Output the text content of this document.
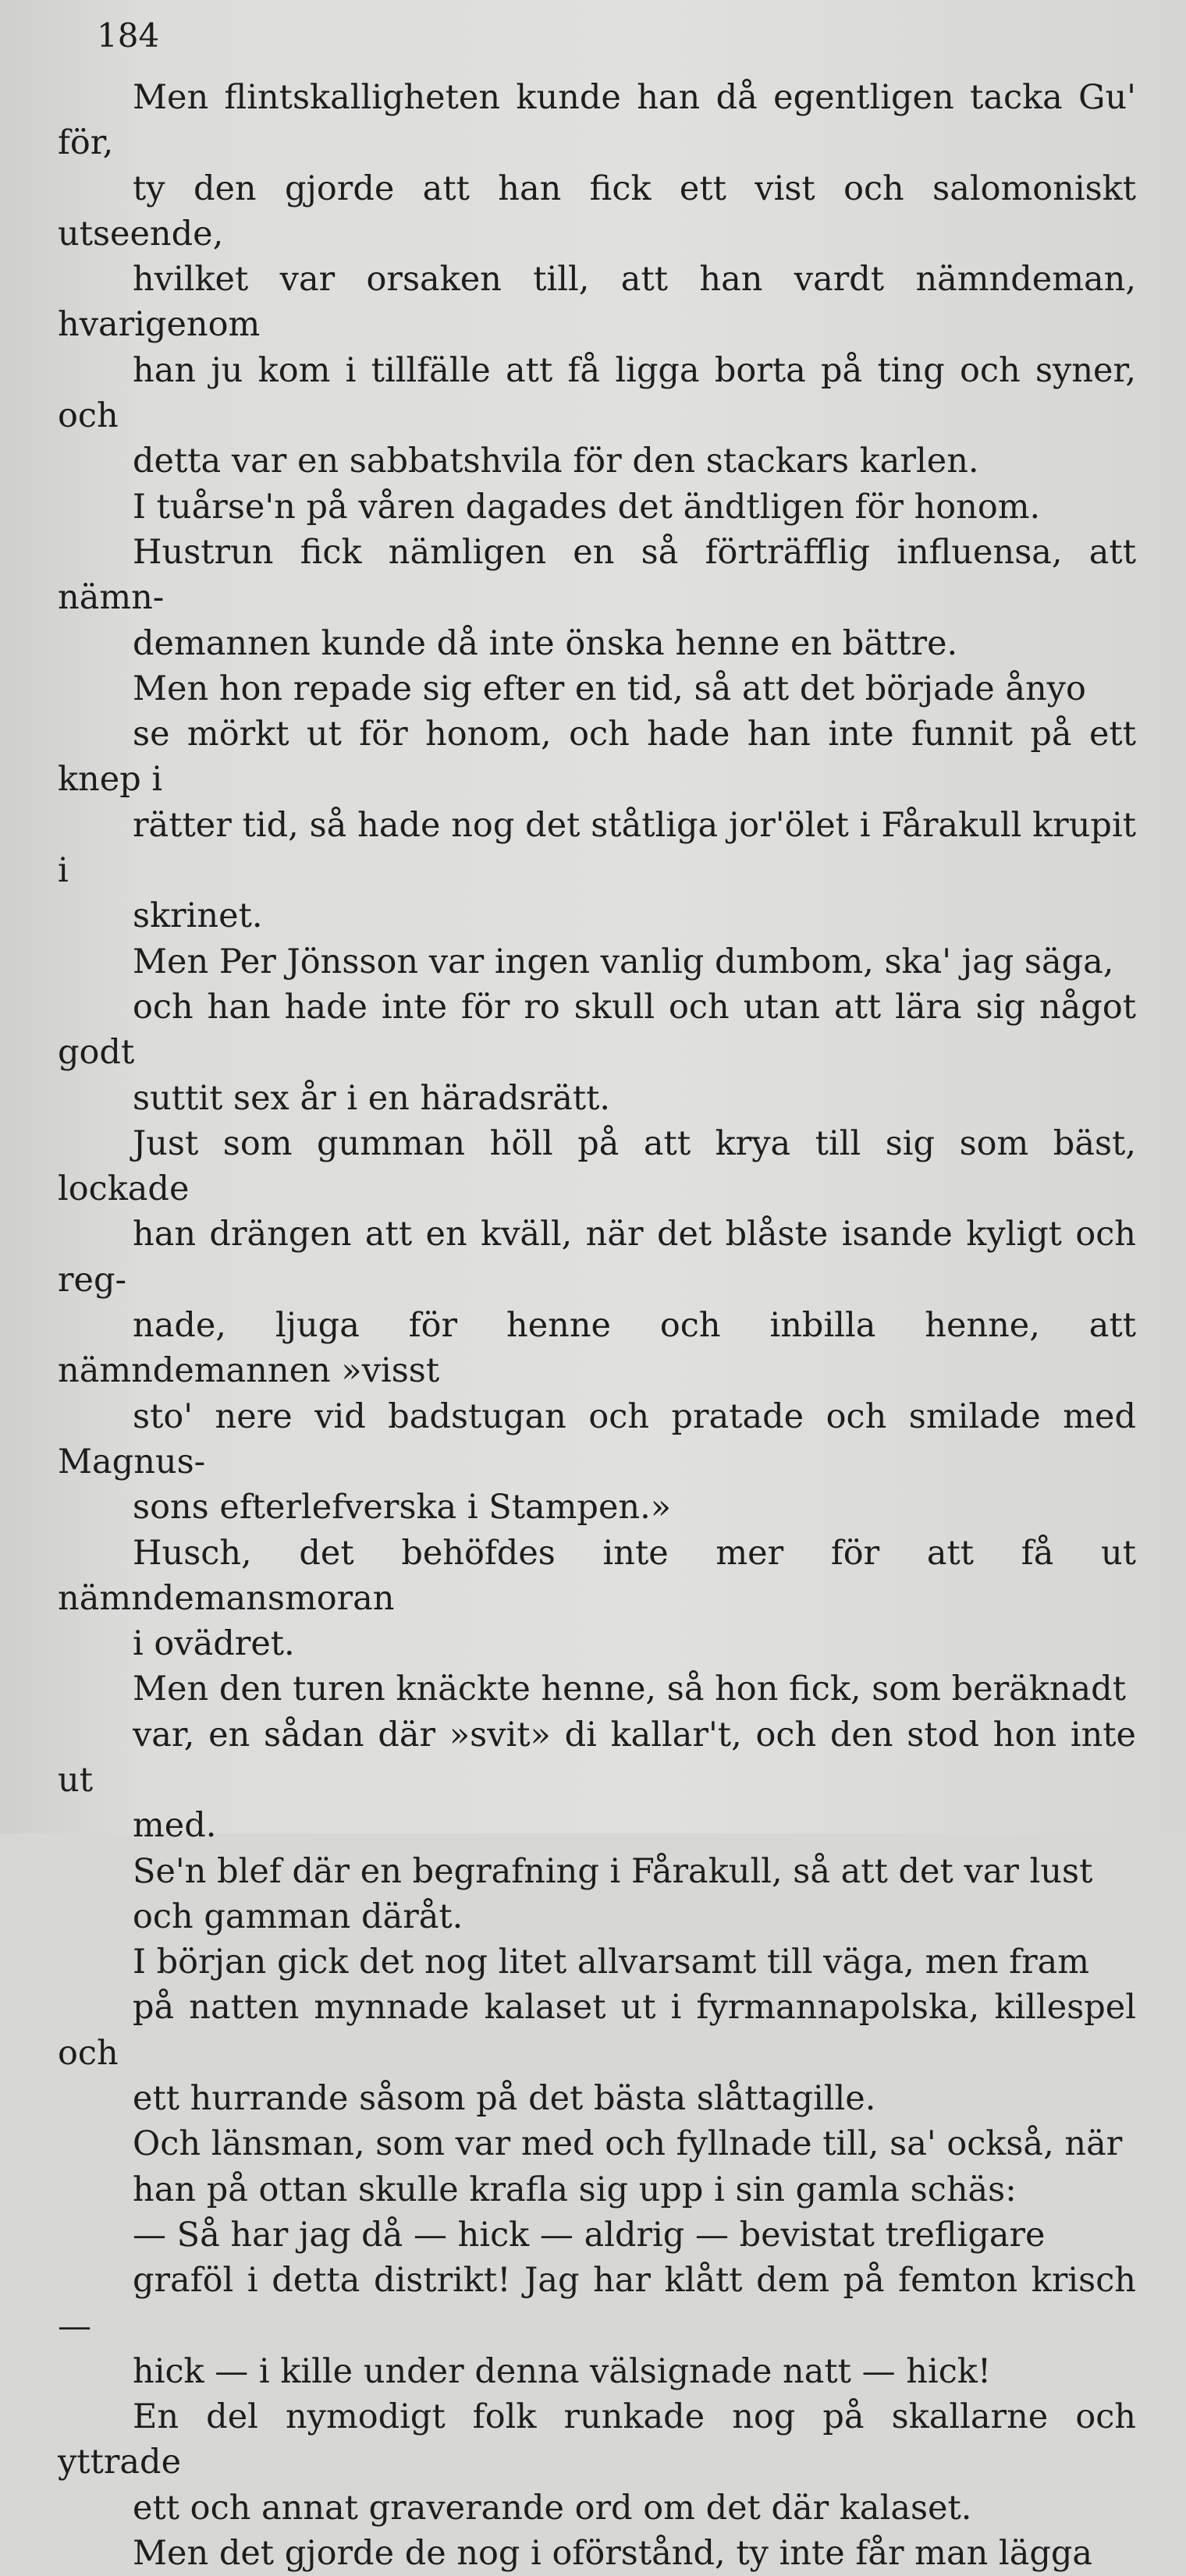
184

Men flintskalligheten kunde han då egentligen tacka Gu' för,
ty den gjorde att han fick ett vist och salomoniskt utseende,
hvilket var orsaken till, att han vardt nämndeman, hvarigenom
han ju kom i tillfälle att få ligga borta på ting och syner, och
detta var en sabbatshvila för den stackars karlen.

I tuårse'n på våren dagades det ändtligen för honom.

Hustrun fick nämligen en så förträfflig influensa, att nämn-
demannen kunde då inte önska henne en bättre.

Men hon repade sig efter en tid, så att det började ånyo
se mörkt ut för honom, och hade han inte funnit på ett knep i
rätter tid, så hade nog det ståtliga jor'ölet i Fårakull krupit i
skrinet.

Men Per Jönsson var ingen vanlig dumbom, ska' jag säga,
och han hade inte för ro skull och utan att lära sig något godt
suttit sex år i en häradsrätt.

Just som gumman höll på att krya till sig som bäst, lockade
han drängen att en kväll, när det blåste isande kyligt och reg-
nade, ljuga för henne och inbilla henne, att nämndemannen »visst
sto' nere vid badstugan och pratade och smilade med Magnus-
sons efterlefverska i Stampen.»

Husch, det behöfdes inte mer för att få ut nämndemansmoran
i ovädret.

Men den turen knäckte henne, så hon fick, som beräknadt
var, en sådan där »svit» di kallar't, och den stod hon inte ut
med.

Se'n blef där en begrafning i Fårakull, så att det var lust
och gamman däråt.

I början gick det nog litet allvarsamt till väga, men fram
på natten mynnade kalaset ut i fyrmannapolska, killespel och
ett hurrande såsom på det bästa slåttagille.

Och länsman, som var med och fyllnade till, sa' också, när
han på ottan skulle krafla sig upp i sin gamla schäs:

— Så har jag då — hick — aldrig — bevistat trefligare
graföl i detta distrikt! Jag har klått dem på femton krisch —
hick — i kille under denna välsignade natt — hick!

En del nymodigt folk runkade nog på skallarne och yttrade
ett och annat graverande ord om det där kalaset.

Men det gjorde de nog i oförstånd, ty inte får man lägga
